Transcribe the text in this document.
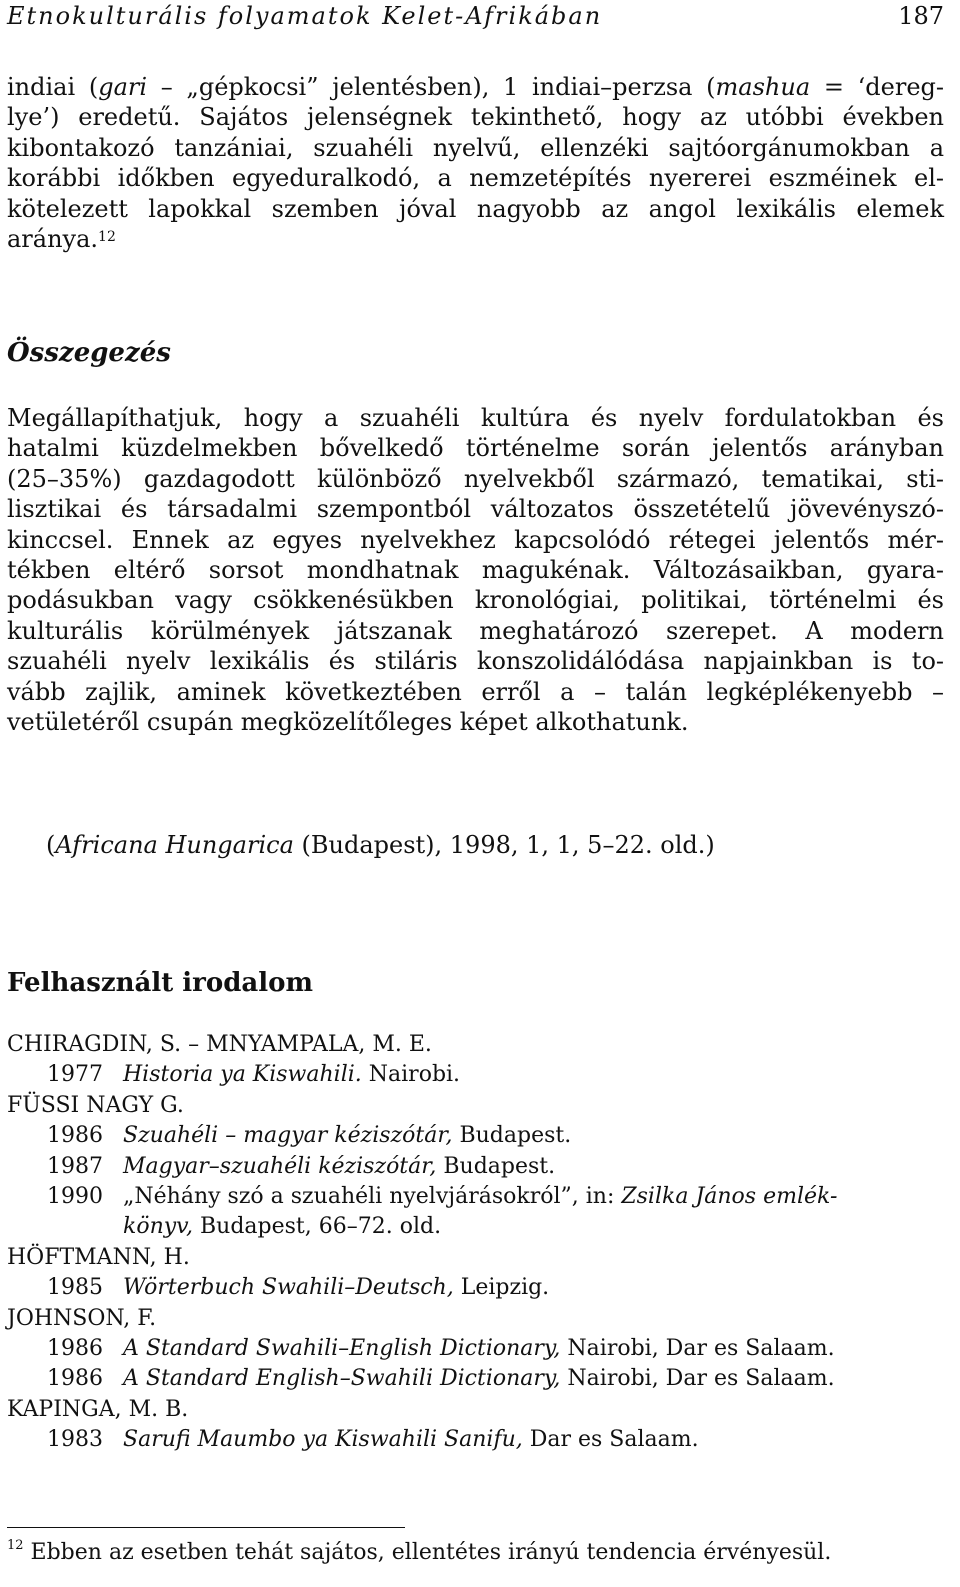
Etnokulturális folyamatok Kelet-Afrikában	187
indiai (gari – „gépkocsi” jelentésben), 1 indiai–perzsa (mashua = ‘dereg-
lye’) eredetű. Sajátos jelenségnek tekinthető, hogy az utóbbi években
kibontakozó tanzániai, szuahéli nyelvű, ellenzéki sajtóorgánumokban a
korábbi időkben egyeduralkodó, a nemzetépítés nyererei eszméinek el-
kötelezett lapokkal szemben jóval nagyobb az angol lexikális elemek
aránya.$^{12}$
Összegezés
Megállapíthatjuk, hogy a szuahéli kultúra és nyelv fordulatokban és
hatalmi küzdelmekben bővelkedő történelme során jelentős arányban
(25–35%) gazdagodott különböző nyelvekből származó, tematikai, sti-
lisztikai és társadalmi szempontból változatos összetételű jövevényszó-
kinccsel. Ennek az egyes nyelvekhez kapcsolódó rétegei jelentős mér-
tékben eltérő sorsot mondhatnak magukénak. Változásaikban, gyara-
podásukban vagy csökkenésükben kronológiai, politikai, történelmi és
kulturális körülmények játszanak meghatározó szerepet. A modern
szuahéli nyelv lexikális és stiláris konszolidálódása napjainkban is to-
vább zajlik, aminek következtében erről a – talán legképlékenyebb –
vetületéről csupán megközelítőleges képet alkothatunk.
(Africana Hungarica (Budapest), 1998, 1, 1, 5–22. old.)
Felhasznált irodalom
CHIRAGDIN, S. – MNYAMPALA, M. E.
1977 Historia ya Kiswahili. Nairobi.
FÜSSI NAGY G.
1986 Szuahéli – magyar kéziszótár, Budapest.
1987 Magyar–szuahéli kéziszótár, Budapest.
1990 „Néhány szó a szuahéli nyelvjárásokról”, in: Zsilka János emlék-
könyv, Budapest, 66–72. old.
HÖFTMANN, H.
1985 Wörterbuch Swahili–Deutsch, Leipzig.
JOHNSON, F.
1986 A Standard Swahili–English Dictionary, Nairobi, Dar es Salaam.
1986 A Standard English–Swahili Dictionary, Nairobi, Dar es Salaam.
KAPINGA, M. B.
1983 Sarufi Maumbo ya Kiswahili Sanifu, Dar es Salaam.
$^{12}$ Ebben az esetben tehát sajátos, ellentétes irányú tendencia érvényesül.
